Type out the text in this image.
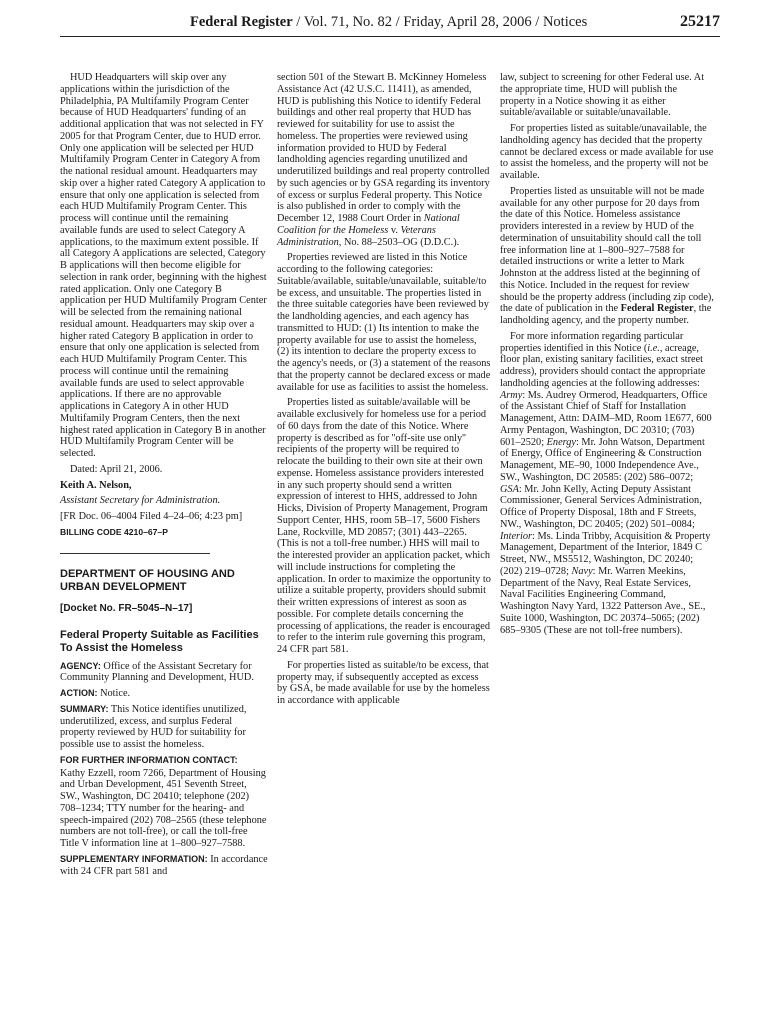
Federal Register / Vol. 71, No. 82 / Friday, April 28, 2006 / Notices	25217

HUD Headquarters will skip over any applications within the jurisdiction of the Philadelphia, PA Multifamily Program Center because of HUD Headquarters' funding of an additional application that was not selected in FY 2005 for that Program Center, due to HUD error. Only one application will be selected per HUD Multifamily Program Center in Category A from the national residual amount. Headquarters may skip over a higher rated Category A application to ensure that only one application is selected from each HUD Multifamily Program Center. This process will continue until the remaining available funds are used to select Category A applications, to the maximum extent possible. If all Category A applications are selected, Category B applications will then become eligible for selection in rank order, beginning with the highest rated application. Only one Category B application per HUD Multifamily Program Center will be selected from the remaining national residual amount. Headquarters may skip over a higher rated Category B application in order to ensure that only one application is selected from each HUD Multifamily Program Center. This process will continue until the remaining available funds are used to select approvable applications. If there are no approvable applications in Category A in other HUD Multifamily Program Centers, then the next highest rated application in Category B in another HUD Multifamily Program Center will be selected.

Dated: April 21, 2006.

Keith A. Nelson,

Assistant Secretary for Administration.

[FR Doc. 06–4004 Filed 4–24–06; 4:23 pm]

BILLING CODE 4210–67–P

DEPARTMENT OF HOUSING AND URBAN DEVELOPMENT
[Docket No. FR–5045–N–17]
Federal Property Suitable as Facilities To Assist the Homeless

AGENCY: Office of the Assistant Secretary for Community Planning and Development, HUD.

ACTION: Notice.

SUMMARY: This Notice identifies unutilized, underutilized, excess, and surplus Federal property reviewed by HUD for suitability for possible use to assist the homeless.

FOR FURTHER INFORMATION CONTACT:

Kathy Ezzell, room 7266, Department of Housing and Urban Development, 451 Seventh Street, SW., Washington, DC 20410; telephone (202) 708–1234; TTY number for the hearing- and speech-impaired (202) 708–2565 (these telephone numbers are not toll-free), or call the toll-free Title V information line at 1–800–927–7588.

SUPPLEMENTARY INFORMATION: In accordance with 24 CFR part 581 and

section 501 of the Stewart B. McKinney Homeless Assistance Act (42 U.S.C. 11411), as amended, HUD is publishing this Notice to identify Federal buildings and other real property that HUD has reviewed for suitability for use to assist the homeless. The properties were reviewed using information provided to HUD by Federal landholding agencies regarding unutilized and underutilized buildings and real property controlled by such agencies or by GSA regarding its inventory of excess or surplus Federal property. This Notice is also published in order to comply with the December 12, 1988 Court Order in National Coalition for the Homeless v. Veterans Administration, No. 88–2503–OG (D.D.C.).

Properties reviewed are listed in this Notice according to the following categories: Suitable/available, suitable/unavailable, suitable/to be excess, and unsuitable. The properties listed in the three suitable categories have been reviewed by the landholding agencies, and each agency has transmitted to HUD: (1) Its intention to make the property available for use to assist the homeless, (2) its intention to declare the property excess to the agency's needs, or (3) a statement of the reasons that the property cannot be declared excess or made available for use as facilities to assist the homeless.

Properties listed as suitable/available will be available exclusively for homeless use for a period of 60 days from the date of this Notice. Where property is described as for ''off-site use only'' recipients of the property will be required to relocate the building to their own site at their own expense. Homeless assistance providers interested in any such property should send a written expression of interest to HHS, addressed to John Hicks, Division of Property Management, Program Support Center, HHS, room 5B–17, 5600 Fishers Lane, Rockville, MD 20857; (301) 443–2265. (This is not a toll-free number.) HHS will mail to the interested provider an application packet, which will include instructions for completing the application. In order to maximize the opportunity to utilize a suitable property, providers should submit their written expressions of interest as soon as possible. For complete details concerning the processing of applications, the reader is encouraged to refer to the interim rule governing this program, 24 CFR part 581.

For properties listed as suitable/to be excess, that property may, if subsequently accepted as excess by GSA, be made available for use by the homeless in accordance with applicable

law, subject to screening for other Federal use. At the appropriate time, HUD will publish the property in a Notice showing it as either suitable/available or suitable/unavailable.

For properties listed as suitable/unavailable, the landholding agency has decided that the property cannot be declared excess or made available for use to assist the homeless, and the property will not be available.

Properties listed as unsuitable will not be made available for any other purpose for 20 days from the date of this Notice. Homeless assistance providers interested in a review by HUD of the determination of unsuitability should call the toll free information line at 1–800–927–7588 for detailed instructions or write a letter to Mark Johnston at the address listed at the beginning of this Notice. Included in the request for review should be the property address (including zip code), the date of publication in the Federal Register, the landholding agency, and the property number.

For more information regarding particular properties identified in this Notice (i.e., acreage, floor plan, existing sanitary facilities, exact street address), providers should contact the appropriate landholding agencies at the following addresses: Army: Ms. Audrey Ormerod, Headquarters, Office of the Assistant Chief of Staff for Installation Management, Attn: DAIM–MD, Room 1E677, 600 Army Pentagon, Washington, DC 20310; (703) 601–2520; Energy: Mr. John Watson, Department of Energy, Office of Engineering & Construction Management, ME–90, 1000 Independence Ave., SW., Washington, DC 20585: (202) 586–0072; GSA: Mr. John Kelly, Acting Deputy Assistant Commissioner, General Services Administration, Office of Property Disposal, 18th and F Streets, NW., Washington, DC 20405; (202) 501–0084; Interior: Ms. Linda Tribby, Acquisition & Property Management, Department of the Interior, 1849 C Street, NW., MS5512, Washington, DC 20240; (202) 219–0728; Navy: Mr. Warren Meekins, Department of the Navy, Real Estate Services, Naval Facilities Engineering Command, Washington Navy Yard, 1322 Patterson Ave., SE., Suite 1000, Washington, DC 20374–5065; (202) 685–9305 (These are not toll-free numbers).
